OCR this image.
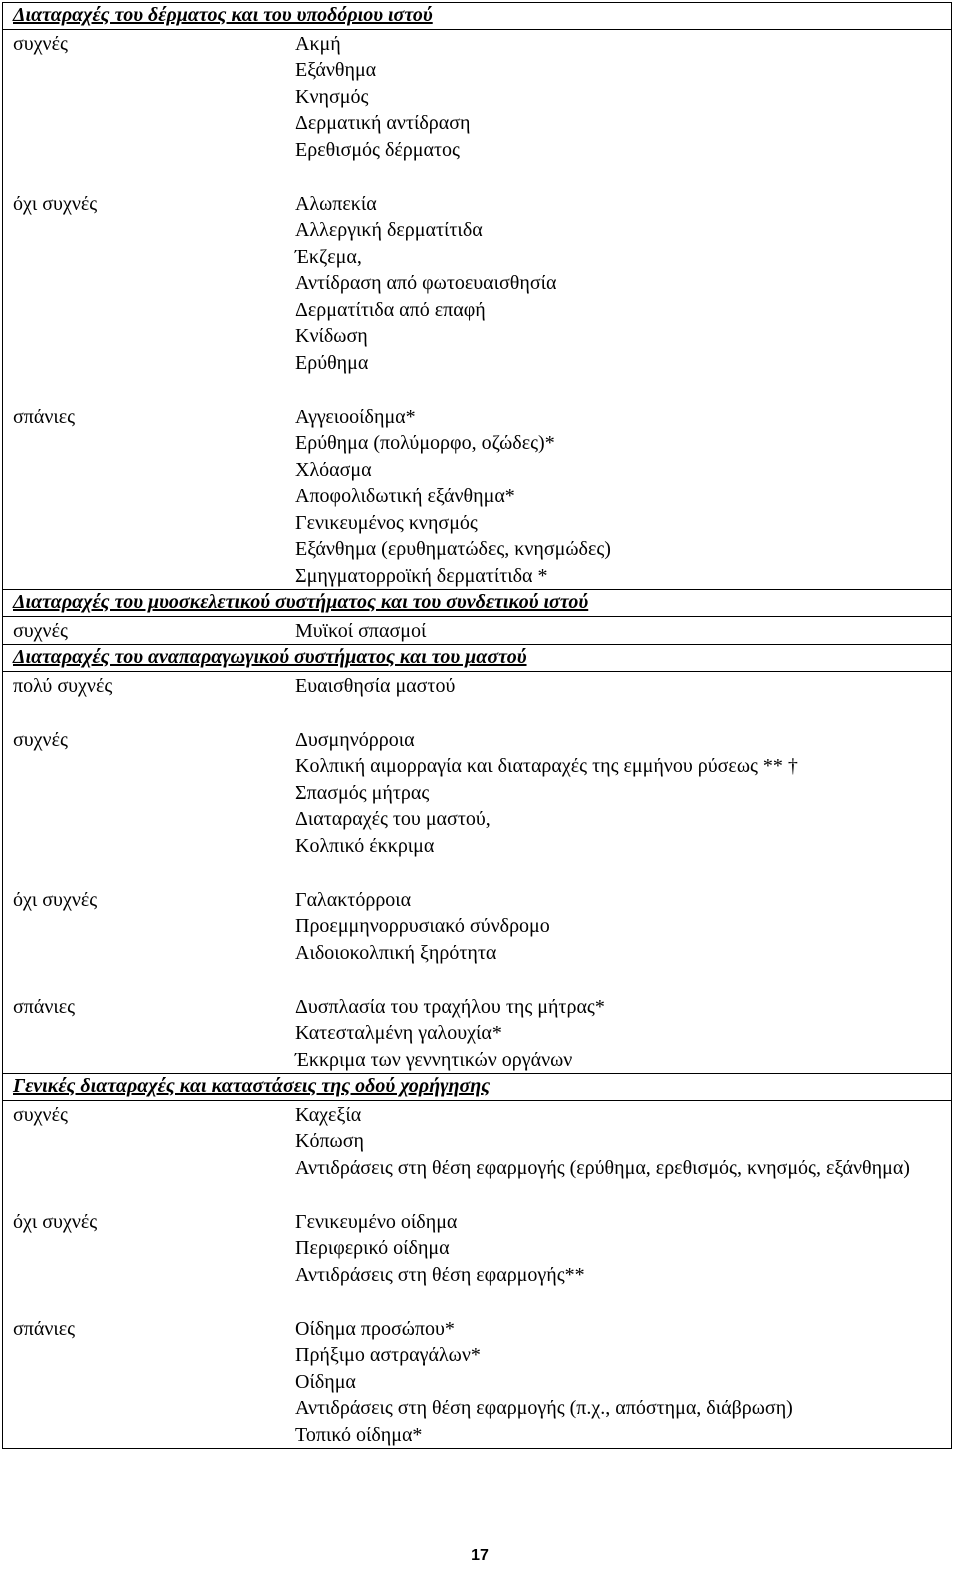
Διαταραχές του δέρματος και του υποδόριου ιστού

συχνές	Ακμή
Εξάνθημα
Κνησμός
Δερματική αντίδραση
Ερεθισμός δέρματος
όχι συχνές	Αλωπεκία
Αλλεργική δερματίτιδα
Έκζεμα,
Αντίδραση από φωτοευαισθησία
Δερματίτιδα από επαφή
Κνίδωση
Ερύθημα
σπάνιες	Αγγειοοίδημα*
Ερύθημα (πολύμορφο, οζώδες)*
Χλόασμα
Αποφολιδωτική εξάνθημα*
Γενικευμένος κνησμός
Εξάνθημα (ερυθηματώδες, κνησμώδες)
Σμηγματορροϊκή δερματίτιδα *

Διαταραχές του μυοσκελετικού συστήματος και του συνδετικού ιστού

συχνές	Μυϊκοί σπασμοί

Διαταραχές του αναπαραγωγικού συστήματος και του μαστού

πολύ συχνές	Ευαισθησία μαστού
συχνές	Δυσμηνόρροια
Κολπική αιμορραγία και διαταραχές της εμμήνου ρύσεως ** †
Σπασμός μήτρας
Διαταραχές του μαστού,
Κολπικό έκκριμα
όχι συχνές	Γαλακτόρροια
Προεμμηνορρυσιακό σύνδρομο
Αιδοιοκολπική ξηρότητα
σπάνιες	Δυσπλασία του τραχήλου της μήτρας*
Κατεσταλμένη γαλουχία*
Έκκριμα των γεννητικών οργάνων

Γενικές διαταραχές και καταστάσεις της οδού χορήγησης

συχνές	Καχεξία
Κόπωση
Αντιδράσεις στη θέση εφαρμογής (ερύθημα, ερεθισμός, κνησμός, εξάνθημα)
όχι συχνές	Γενικευμένο οίδημα
Περιφερικό οίδημα
Αντιδράσεις στη θέση εφαρμογής**
σπάνιες	Οίδημα προσώπου*
Πρήξιμο αστραγάλων*
Οίδημα
Αντιδράσεις στη θέση εφαρμογής (π.χ., απόστημα, διάβρωση)
Τοπικό οίδημα*
17
